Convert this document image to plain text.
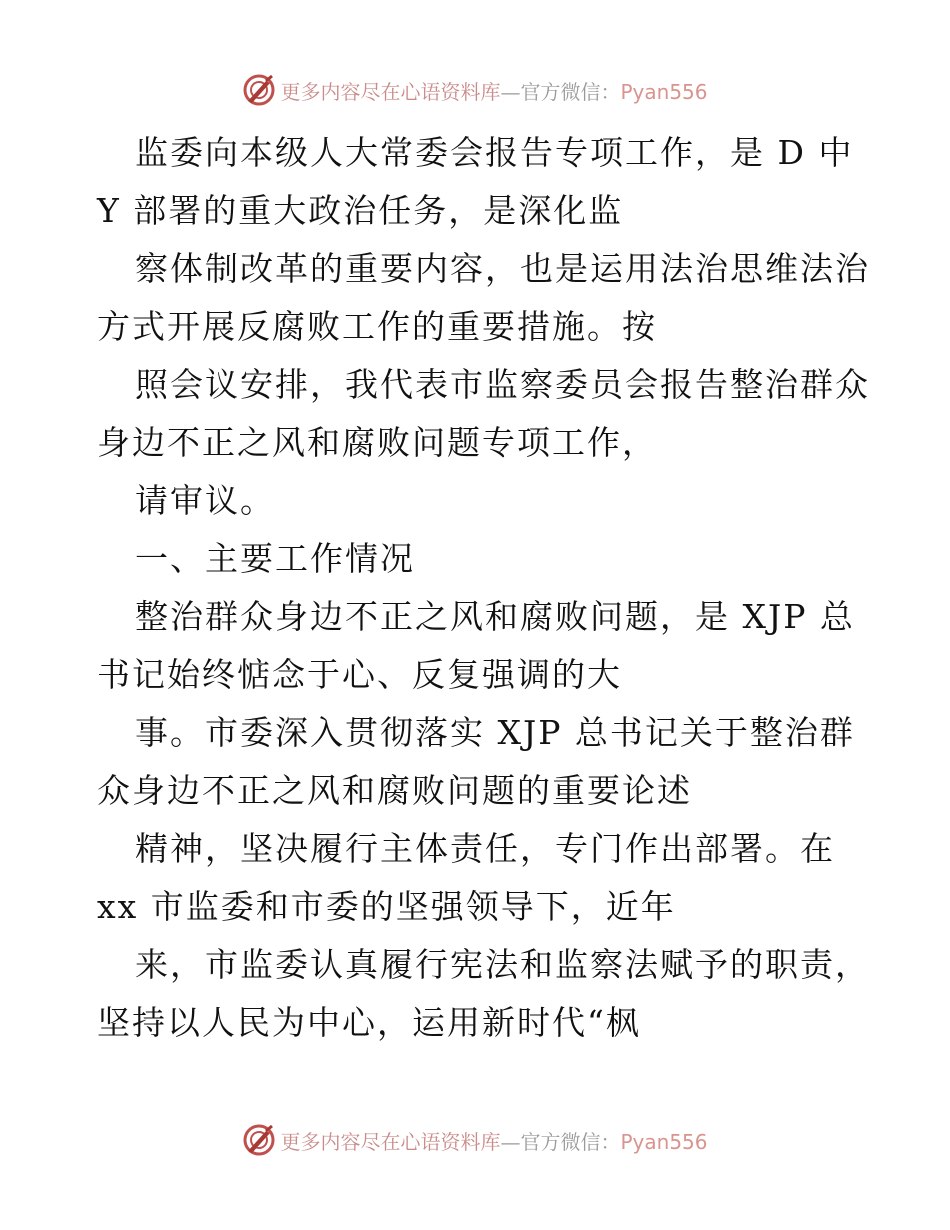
更多内容尽在心语资料库—官方微信：Pyan556

监委向本级人大常委会报告专项工作，是 D 中

Y 部署的重大政治任务，是深化监

察体制改革的重要内容，也是运用法治思维法治

方式开展反腐败工作的重要措施。按

照会议安排，我代表市监察委员会报告整治群众

身边不正之风和腐败问题专项工作，

请审议。

一、主要工作情况

整治群众身边不正之风和腐败问题，是 XJP 总

书记始终惦念于心、反复强调的大

事。市委深入贯彻落实 XJP 总书记关于整治群

众身边不正之风和腐败问题的重要论述

精神，坚决履行主体责任，专门作出部署。在

xx 市监委和市委的坚强领导下，近年

来，市监委认真履行宪法和监察法赋予的职责，

坚持以人民为中心，运用新时代“枫

更多内容尽在心语资料库—官方微信：Pyan556
